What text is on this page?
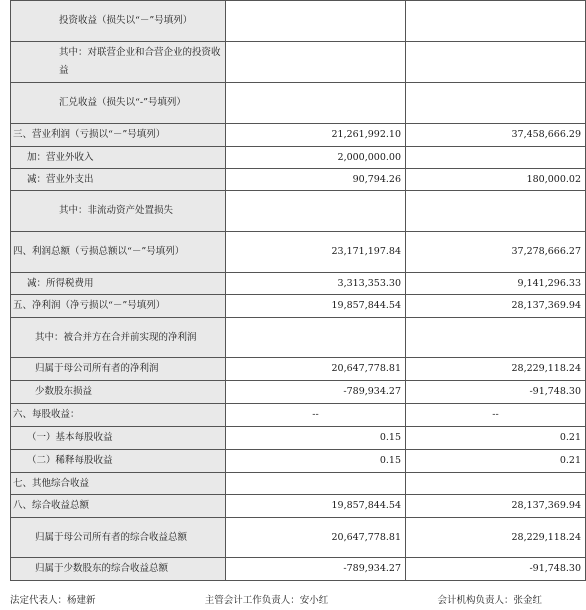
投资收益（损失以“－”号填列）		
其中：对联营企业和合营企业的投资收益		
汇兑收益（损失以“-”号填列）		
三、营业利润（亏损以“－”号填列）	21,261,992.10	37,458,666.29
加：营业外收入	2,000,000.00	
减：营业外支出	90,794.26	180,000.02
其中：非流动资产处置损失		
四、利润总额（亏损总额以“－”号填列）	23,171,197.84	37,278,666.27
减：所得税费用	3,313,353.30	9,141,296.33
五、净利润（净亏损以“－”号填列）	19,857,844.54	28,137,369.94
其中：被合并方在合并前实现的净利润		
归属于母公司所有者的净利润	20,647,778.81	28,229,118.24
少数股东损益	-789,934.27	-91,748.30
六、每股收益：	--	--
（一）基本每股收益	0.15	0.21
（二）稀释每股收益	0.15	0.21
七、其他综合收益		
八、综合收益总额	19,857,844.54	28,137,369.94
归属于母公司所有者的综合收益总额	20,647,778.81	28,229,118.24
归属于少数股东的综合收益总额	-789,934.27	-91,748.30
法定代表人：杨建新	主管会计工作负责人：安小红	会计机构负责人：张金红
